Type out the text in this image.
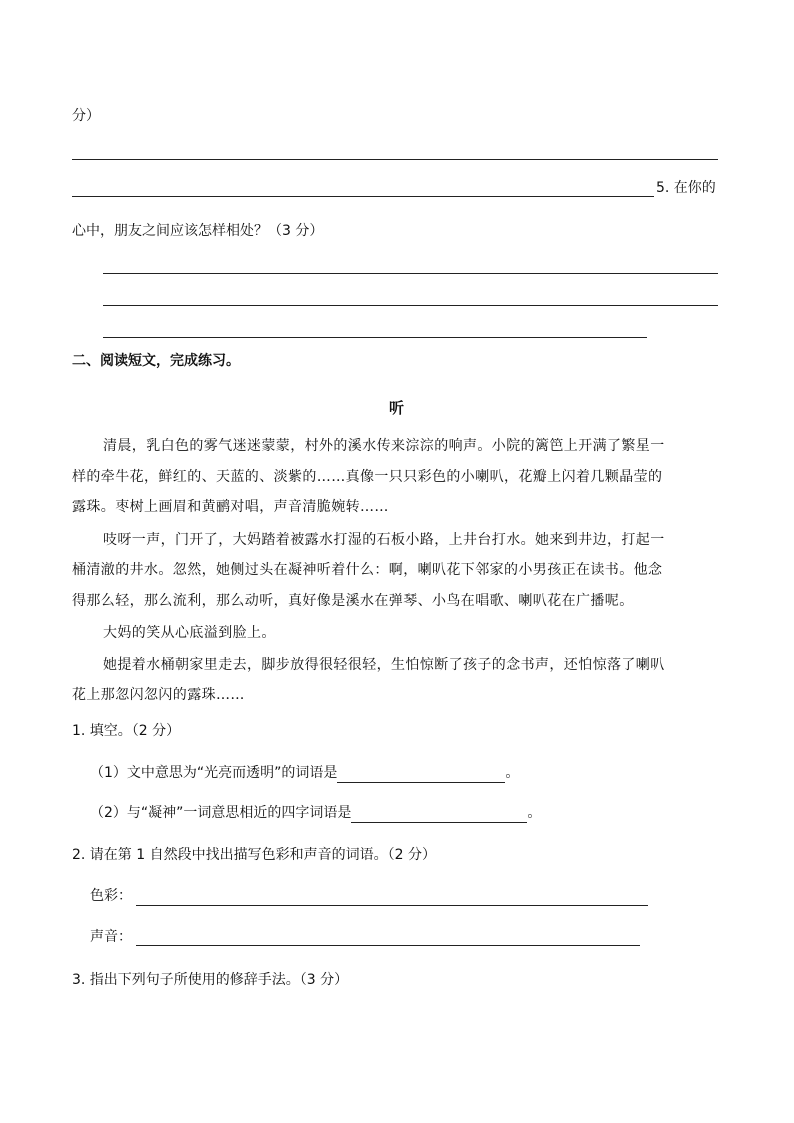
分）
5. 在你的
心中，朋友之间应该怎样相处？（3 分）
二、阅读短文，完成练习。
听
清晨，乳白色的雾气迷迷蒙蒙，村外的溪水传来淙淙的响声。小院的篱笆上开满了繁星一
样的牵牛花，鲜红的、天蓝的、淡紫的……真像一只只彩色的小喇叭，花瓣上闪着几颗晶莹的
露珠。枣树上画眉和黄鹂对唱，声音清脆婉转……
吱呀一声，门开了，大妈踏着被露水打湿的石板小路，上井台打水。她来到井边，打起一
桶清澈的井水。忽然，她侧过头在凝神听着什么：啊，喇叭花下邻家的小男孩正在读书。他念
得那么轻，那么流利，那么动听，真好像是溪水在弹琴、小鸟在唱歌、喇叭花在广播呢。
大妈的笑从心底溢到脸上。
她提着水桶朝家里走去，脚步放得很轻很轻，生怕惊断了孩子的念书声，还怕惊落了喇叭
花上那忽闪忽闪的露珠……
1. 填空。（2 分）
（1）文中意思为“光亮而透明”的词语是	。
（2）与“凝神”一词意思相近的四字词语是	。
2. 请在第 1 自然段中找出描写色彩和声音的词语。（2 分）
色彩：
声音：
3. 指出下列句子所使用的修辞手法。（3 分）
